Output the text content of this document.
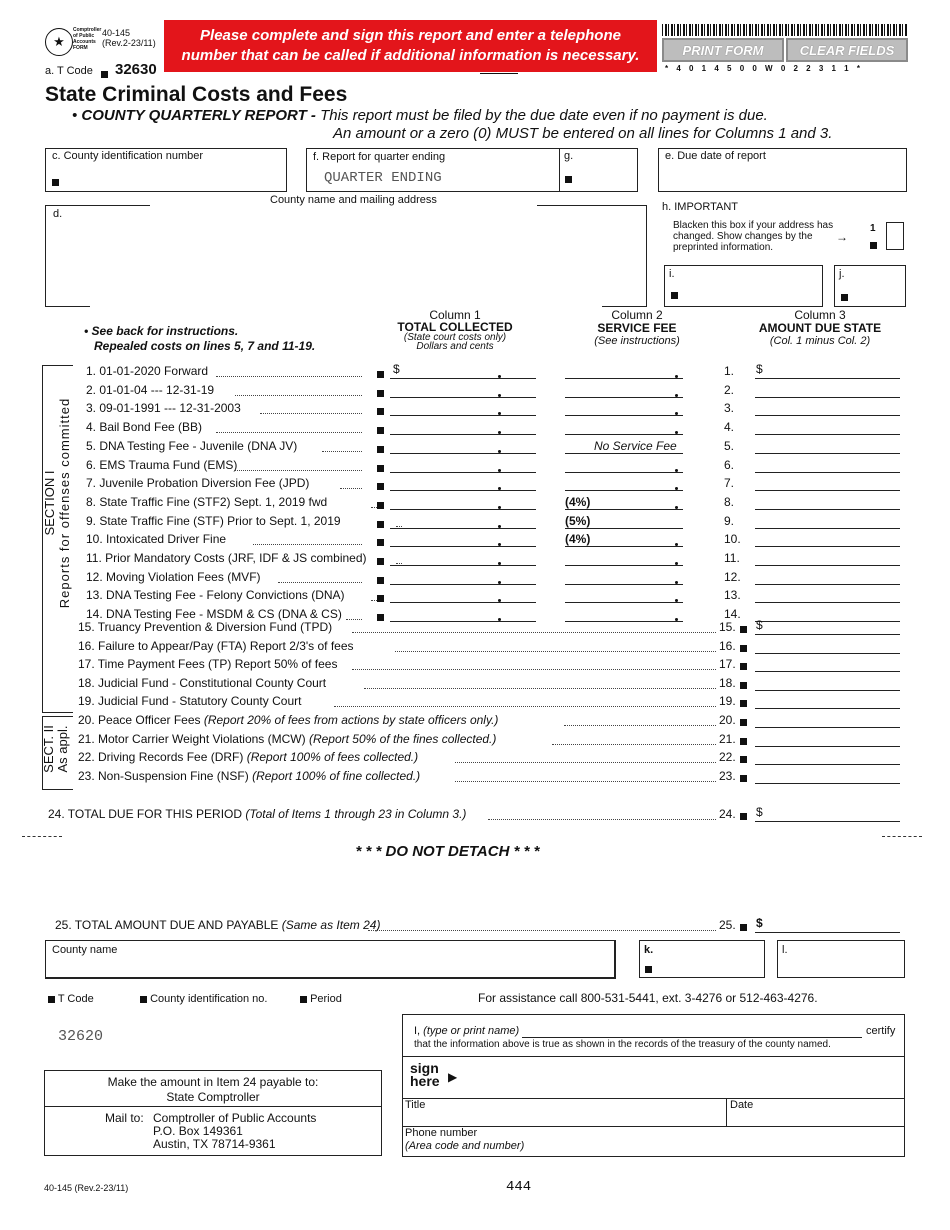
★
Comptroller of Public Accounts FORM
40-145
(Rev.2-23/11)	Please complete and sign this report and enter a telephone
number that can be called if additional information is necessary.	PRINT FORM	CLEAR FIELDS
* 4 0 1 4 5 0 0 W 0 2 2 3 1 1 *
a. T Code 32630
State Criminal Costs and Fees
• COUNTY QUARTERLY REPORT - This report must be filed by the due date even if no payment is due.
An amount or a zero (0) MUST be entered on all lines for Columns 1 and 3.
c. County identification number	f. Report for quarter ending
QUARTER ENDING
g.	e. Due date of report
County name and mailing address
d.
h. IMPORTANT
Blacken this box if your address has changed. Show changes by the preprinted information.
→
1
i.	j.
• See back for instructions.
Repealed costs on lines 5, 7 and 11-19.
Column 1
TOTAL COLLECTED
(State court costs only)
Dollars and cents
Column 2
SERVICE FEE
(See instructions)
Column 3
AMOUNT DUE STATE
(Col. 1 minus Col. 2)
SECTION I Reports for offenses committed
SECT. II As appl.
1. 01-01-2020 Forward	1.
$	$
2. 01-01-04 --- 12-31-19	2.
3. 09-01-1991 --- 12-31-2003	3.
4. Bail Bond Fee (BB)	4.
5. DNA Testing Fee - Juvenile (DNA JV)	No Service Fee	5.
6. EMS Trauma Fund (EMS)	6.
7. Juvenile Probation Diversion Fee (JPD)	7.
8. State Traffic Fine (STF2) Sept. 1, 2019 fwd	(4%)	8.
9. State Traffic Fine (STF) Prior to Sept. 1, 2019	(5%)	9.
10. Intoxicated Driver Fine	(4%)	10.
11. Prior Mandatory Costs (JRF, IDF & JS combined)	11.
12. Moving Violation Fees (MVF)	12.
13. DNA Testing Fee - Felony Convictions (DNA)	13.
14. DNA Testing Fee - MSDM & CS (DNA & CS)	14.
15. Truancy Prevention & Diversion Fund (TPD)	15. $
16. Failure to Appear/Pay (FTA) Report 2/3's of fees	16.
17. Time Payment Fees (TP) Report 50% of fees	17.
18. Judicial Fund - Constitutional County Court	18.
19. Judicial Fund - Statutory County Court	19.
20. Peace Officer Fees (Report 20% of fees from actions by state officers only.)	20.
21. Motor Carrier Weight Violations (MCW) (Report 50% of the fines collected.)	21.
22. Driving Records Fee (DRF) (Report 100% of fees collected.)	22.
23. Non-Suspension Fine (NSF) (Report 100% of fine collected.)	23.
24. TOTAL DUE FOR THIS PERIOD (Total of Items 1 through 23 in Column 3.)	24. $
25. TOTAL AMOUNT DUE AND PAYABLE (Same as Item 24)	25. $
* * * DO NOT DETACH * * *
County name	k.	l.
T Code	County identification no.	Period	For assistance call 800-531-5441, ext. 3-4276 or 512-463-4276.
32620	I, (type or print name)	certify
that the information above is true as shown in the records of the treasury of the county named.
sign
here ▶
Title	Date
Phone number
(Area code and number)
Make the amount in Item 24 payable to:
State Comptroller
Mail to: Comptroller of Public Accounts
P.O. Box 149361
Austin, TX 78714-9361
40-145 (Rev.2-23/11)	444
